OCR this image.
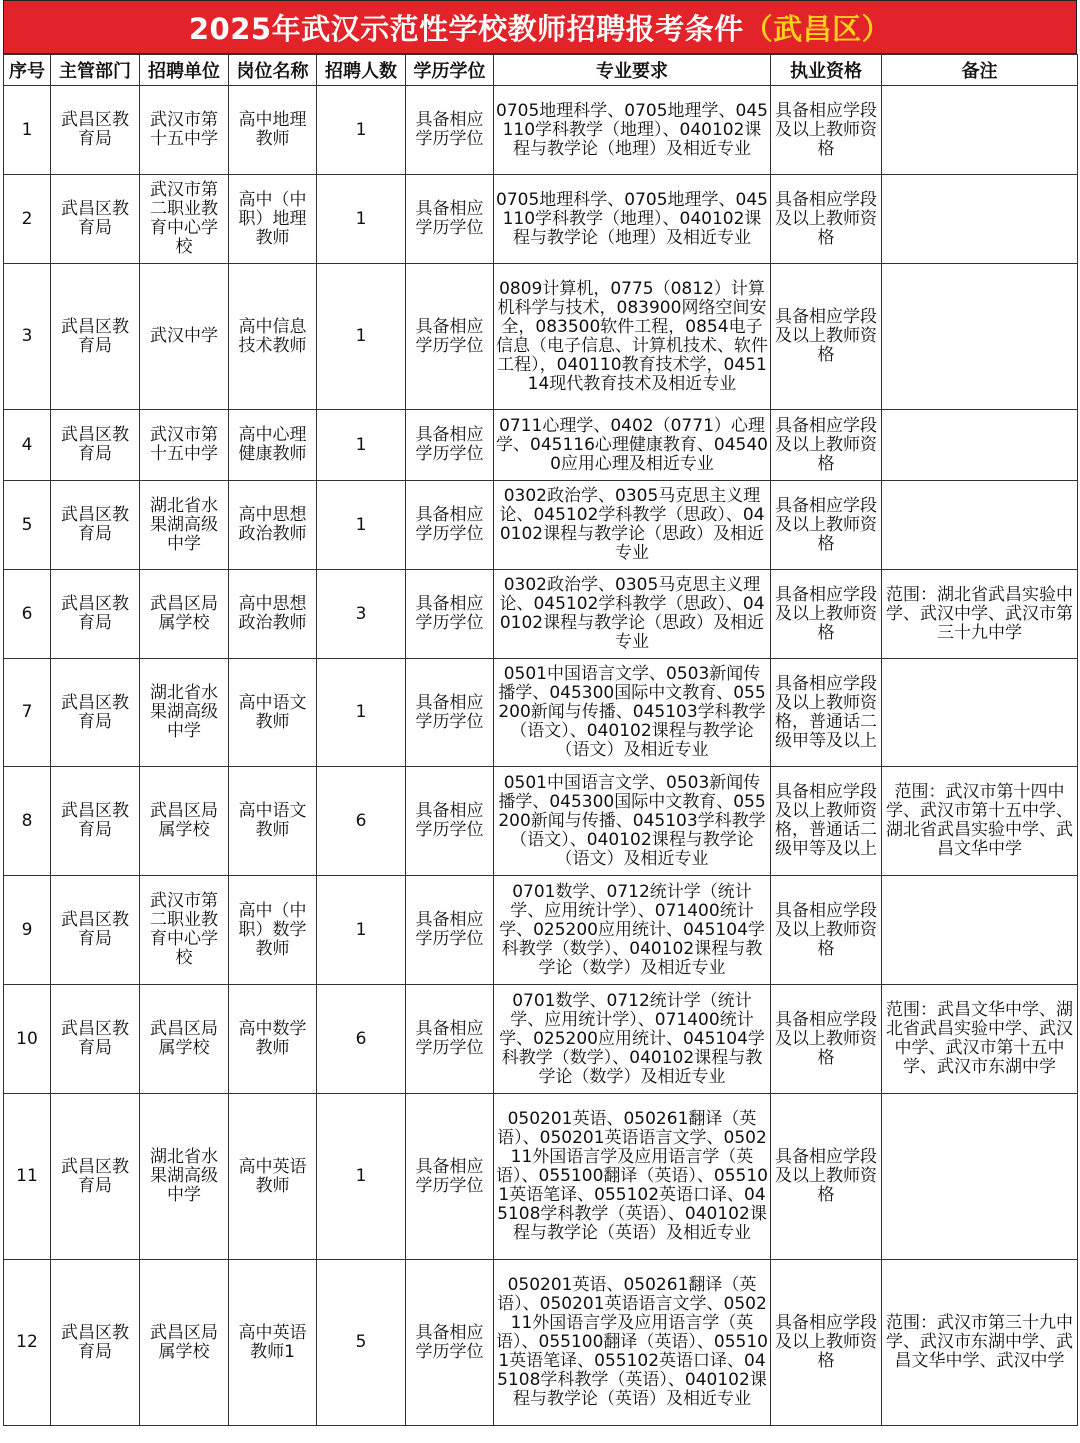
2025年武汉示范性学校教师招聘报考条件 （武昌区）
序号	主管部门	招聘单位	岗位名称	招聘人数	学历学位	专业要求	执业资格	备注
1	武昌区教育局	武汉市第十五中学	高中地理教师	1	具备相应学历学位	0705地理科学、0705地理学、045110学科教学（地理）、040102课程与教学论（地理）及相近专业	具备相应学段及以上教师资格	
2	武昌区教育局	武汉市第二职业教育中心学校	高中（中职）地理教师	1	具备相应学历学位	0705地理科学、0705地理学、045110学科教学（地理）、040102课程与教学论（地理）及相近专业	具备相应学段及以上教师资格	
3	武昌区教育局	武汉中学	高中信息技术教师	1	具备相应学历学位	0809计算机，0775（0812）计算机科学与技术，083900网络空间安全，083500软件工程，0854电子信息（电子信息、计算机技术、软件工程），040110教育技术学，045114现代教育技术及相近专业	具备相应学段及以上教师资格	
4	武昌区教育局	武汉市第十五中学	高中心理健康教师	1	具备相应学历学位	0711心理学、0402（0771）心理学、045116心理健康教育、045400应用心理及相近专业	具备相应学段及以上教师资格	
5	武昌区教育局	湖北省水果湖高级中学	高中思想政治教师	1	具备相应学历学位	0302政治学、0305马克思主义理论、045102学科教学（思政）、040102课程与教学论（思政）及相近专业	具备相应学段及以上教师资格	
6	武昌区教育局	武昌区局属学校	高中思想政治教师	3	具备相应学历学位	0302政治学、0305马克思主义理论、045102学科教学（思政）、040102课程与教学论（思政）及相近专业	具备相应学段及以上教师资格	范围：湖北省武昌实验中学、武汉中学、武汉市第三十九中学
7	武昌区教育局	湖北省水果湖高级中学	高中语文教师	1	具备相应学历学位	0501中国语言文学、0503新闻传播学、045300国际中文教育、055200新闻与传播、045103学科教学（语文）、040102课程与教学论（语文）及相近专业	具备相应学段及以上教师资格，普通话二级甲等及以上	
8	武昌区教育局	武昌区局属学校	高中语文教师	6	具备相应学历学位	0501中国语言文学、0503新闻传播学、045300国际中文教育、055200新闻与传播、045103学科教学（语文）、040102课程与教学论（语文）及相近专业	具备相应学段及以上教师资格，普通话二级甲等及以上	范围：武汉市第十四中学、武汉市第十五中学、湖北省武昌实验中学、武昌文华中学
9	武昌区教育局	武汉市第二职业教育中心学校	高中（中职）数学教师	1	具备相应学历学位	0701数学、0712统计学（统计学、应用统计学）、071400统计学、025200应用统计、045104学科教学（数学）、040102课程与教学论（数学）及相近专业	具备相应学段及以上教师资格	
10	武昌区教育局	武昌区局属学校	高中数学教师	6	具备相应学历学位	0701数学、0712统计学（统计学、应用统计学）、071400统计学、025200应用统计、045104学科教学（数学）、040102课程与教学论（数学）及相近专业	具备相应学段及以上教师资格	范围：武昌文华中学、湖北省武昌实验中学、武汉中学、武汉市第十五中学、武汉市东湖中学
11	武昌区教育局	湖北省水果湖高级中学	高中英语教师	1	具备相应学历学位	050201英语、050261翻译（英语）、050201英语语言文学、050211外国语言学及应用语言学（英语）、055100翻译（英语）、055101英语笔译、055102英语口译、045108学科教学（英语）、040102课程与教学论（英语）及相近专业	具备相应学段及以上教师资格	
12	武昌区教育局	武昌区局属学校	高中英语教师1	5	具备相应学历学位	050201英语、050261翻译（英语）、050201英语语言文学、050211外国语言学及应用语言学（英语）、055100翻译（英语）、055101英语笔译、055102英语口译、045108学科教学（英语）、040102课程与教学论（英语）及相近专业	具备相应学段及以上教师资格	范围：武汉市第三十九中学、武汉市东湖中学、武昌文华中学、武汉中学
